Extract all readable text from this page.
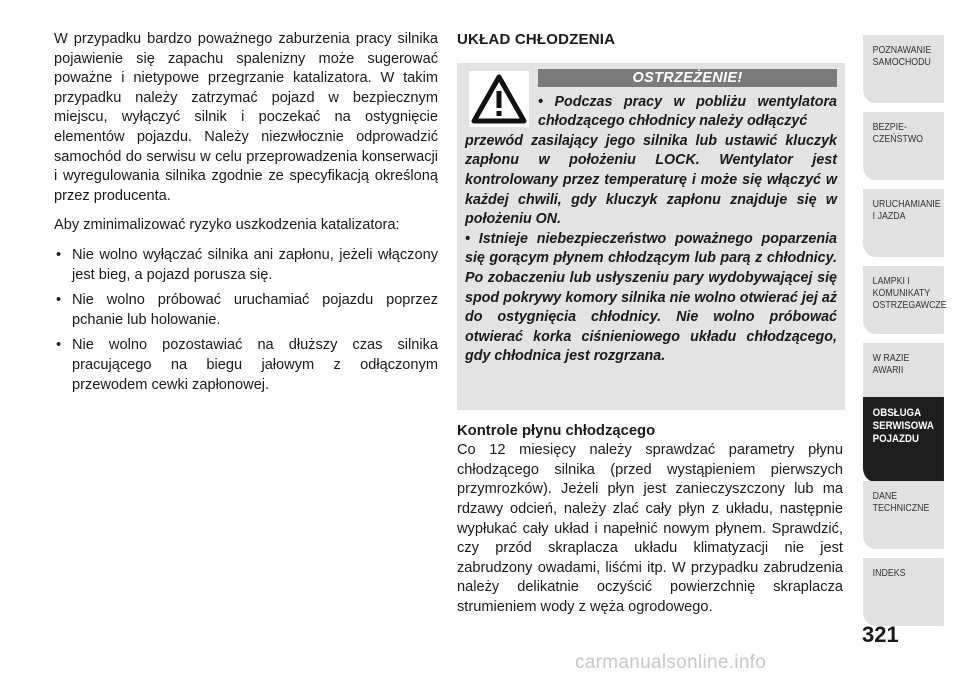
W przypadku bardzo poważnego zaburzenia pracy silnika pojawienie się zapachu spalenizny może sugerować poważne i nietypowe przegrzanie katalizatora. W takim przypadku należy zatrzymać pojazd w bezpiecznym miejscu, wyłączyć silnik i poczekać na ostygnięcie elementów pojazdu. Należy niezwłocznie odprowadzić samochód do serwisu w celu przeprowadzenia konserwacji i wyregulowania silnika zgodnie ze specyfikacją określoną przez producenta.

Aby zminimalizować ryzyko uszkodzenia katalizatora:

• Nie wolno wyłączać silnika ani zapłonu, jeżeli włączony jest bieg, a pojazd porusza się.
• Nie wolno próbować uruchamiać pojazdu poprzez pchanie lub holowanie.
• Nie wolno pozostawiać na dłuższy czas silnika pracującego na biegu jałowym z odłączonym przewodem cewki zapłonowej.
UKŁAD CHŁODZENIA
OSTRZEŻENIE!
• Podczas pracy w pobliżu wentylatora chłodzącego chłodnicy należy odłączyć
przewód zasilający jego silnika lub ustawić kluczyk zapłonu w położeniu LOCK. Wentylator jest kontrolowany przez temperaturę i może się włączyć w każdej chwili, gdy kluczyk zapłonu znajduje się w położeniu ON.
• Istnieje niebezpieczeństwo poważnego poparzenia się gorącym płynem chłodzącym lub parą z chłodnicy. Po zobaczeniu lub usłyszeniu pary wydobywającej się spod pokrywy komory silnika nie wolno otwierać jej aż do ostygnięcia chłodnicy. Nie wolno próbować otwierać korka ciśnieniowego układu chłodzącego, gdy chłodnica jest rozgrzana.
Kontrole płynu chłodzącego

Co 12 miesięcy należy sprawdzać parametry płynu chłodzącego silnika (przed wystąpieniem pierwszych przymrozków). Jeżeli płyn jest zanieczyszczony lub ma rdzawy odcień, należy zlać cały płyn z układu, następnie wypłukać cały układ i napełnić nowym płynem. Sprawdzić, czy przód skraplacza układu klimatyzacji nie jest zabrudzony owadami, liśćmi itp. W przypadku zabrudzenia należy delikatnie oczyścić powierzchnię skraplacza strumieniem wody z węża ogrodowego.

POZNAWANIE
SAMOCHODU
BEZPIE-
CZEŃSTWO
URUCHAMIANIE
I JAZDA
LAMPKI I
KOMUNIKATY
OSTRZEGAWCZE
W RAZIE
AWARII
OBSŁUGA
SERWISOWA
POJAZDU
DANE
TECHNICZNE
INDEKS
321
carmanualsonline.info
